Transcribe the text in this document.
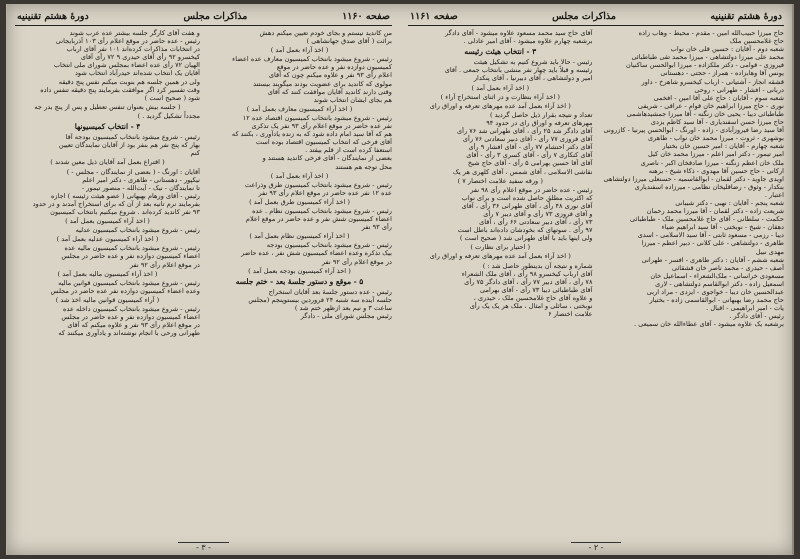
صفحه ۱۱۶۰
مذاکرات مجلس
دورهٔ هشتم تقنینیه
من کاندید نیستم و بجای خودم تعیین میکنم دهش
برائت ( آقای صدق جهانشاهی )
( اخذ آراء بعمل آمد )
رئیس - شروع میشود باننخاب کمیسیون معارف عده اعضاء
کمیسیون دوازده نفر و عده حاضر در موقع
اعلام رأی ۹۳ نفر و علاوه میکنم چون که آقای
مولوی که کاندید برای عضویت بودند میگویند بیستند
وقتی دارند کاندید آقایان موافقت کنند که آقای
هم بجای ایشان انتخاب شوند
( اخذ آراء کمیسیون معارف بعمل آمد )
رئیس - شروع میشود بانتخاب کمیسیون اقتصاد عده ۱۲
نفر عده حاضر در موقع اعلام رأی ۹۳ نفر یک تذکری
هم که آقا سید امام داده شود که به زنده یادآوری ، بکنند که
آقای فرخی که انتخاب کمیسیون اقتصاد بوده است
استعفا کرده است از قلم بیفتد .
بعضی از نمایندگان - آقای فرخی کاندید هستند و
محل توجه هم هستند
( اخذ آراء بعمل آمد )
رئیس - شروع میشود بانتخاب کمیسیون طرق وذراعت
عده ۱۲ نفر عده حاضر در موقع اعلام رأی ۹۳ نفر
( اخذ آراء کمیسیون طرق بعمل آمد )
رئیس - شروع میشود بانتخاب کمیسیون نظام . عده
اعضاء کمیسیون شش نفر و عده حاضر در موقع اعلام
رأی ۹۳ نفر
( اخذ آراء کمیسیون نظام بعمل آمد )
رئیس - شروع میشود باننخاب کمیسیون بودجه
بیک تذکره وعده اعضاء کمیسیون شش نفر ، عده حاضر
در موقع اعلام رأی ۹۲ نفر
( اخذ آراء کمیسیون بودجه بعمل آمد )
۵ - موقع و دستور جلسهٔ بعد - ختم جلسه
رئیس - عده دستور جلسهٔ بعد آقایان استخراج
جلسه آینده سه شنبه ۲۴ فروردین بیستوپنجم (مجلس
ساعت ۳ و نیم بعد ازظهر ختم شد )
رئیس مجلس شورای ملی - دادگر
و هفت آقای کارگر جلسه بیشتر عده عرب شوند
رئیس - عده حاضر در موقع اعلام رأی ۱۰۳ آذربایجانی
در انتخابات مذاکرات کرده‌اند ۱۰۱ نفر آقای ارباب
کیخسرو ۹۲ رأی آقای حیدری ۹ ۷۲ رأی آقای
الهیان ۷۲ رأی عده اعضاء بمجلس شورای ملی انتخاب
آقایان یک انتخاب شده‌اند حیدرآباد انتخاب شود
ولی در همین جلسه هم بنوبت میکنم نفس پنج دقیقه
وقت تفسیر کرد اگر موافقت بفرمایند پنج دقیقه تنفس داده
شود ( صحیح است )
( جلسه بیش بعنوان تنفس تعطیل و پس از پنچ بدر جه
مجدداً تشکیل گردید . )
۴ - انتخاب کمیسیونها
رئیس - شروع میشود باننخاب کمیسیون بودجه آقا
بهار که پنج نفر هم بنفر بود از آقایان نمایندگان تعیین
کنم
( اقتراع بعمل آمد آقایان ذیل معین شدند )
آقایان : اورنگ - ( بعضی از نمایندگان - مجلس - )
نیکپور - دهستانی - طاهری - دکتر امیر اعلم
تا نمایندگان - نیک - آیت‌الله - منصور تیمور -
رئیس - آقای ورهام بهبهانی ( عضو هیئت رئیسه ) اجازه
بفرمایند نرم تانیه بعد از آن که برای استخراج آمدند و در حدود
۹۳ نفر کاندید کرده‌اند . شروع میکنیم بانتخاب کمیسیون
( اخذ آراء کمیسیون بعمل آمد )
رئیس - شروع میشود باننخاب کمیسیون عدلیه
( اخذ آراء کمیسیون عدلیه بعمل آمد )
رئیس - شروع میشود باننخاب کمیسیون مالیه عده
اعضاء کمیسیون دوازده نفر و عده حاضر در مجلس
در موقع اعلام رأی ۹۲ نفر
( اخذ آراء کمیسیون مالیه بعمل آمد )
رئیس - شروع میشود بانتخاب کمیسیون قوانین مالیه
وعده اعضاء کمیسیون دوازده نفر عده حاضر در مجلس
( آراء کمیسیون قوانین مالیه اخذ شد )
رئیس - شروع میشود بانتخاب کمیسیون داخله عده
اعضاء کمیسیون دوازده نفر و عده حاضر در مجلس
در موقع اعلام رأی ۹۳ نفر و علاوه میکنم که آقای
طهرانی ورحی با انجام نوشته‌اند و یادآوری میکنند که
- ۳ -
دورهٔ هشتم تقنینیه
مذاکرات مجلس
صفحه ۱۱۶۱
حاج میرزا حبیب‌الله امین - مقدم - محیط - وهاب زاده
حاج غلامحسین ملک
شعبه دوم - آقایان : حسین قلی خان نواب
محمد علی میرزا دولتشاهی - میرزا محمد تقی طباطبائی
فیروزی - قوامی - دکتر ملکزاده - میرزا ابوالحسن ساکنیان
یونس آقا وهابزاده - همراز - حجتی - دهستانی
قشقه انجاز - آشتیانی - ارباب کیخسرو شاهرخ - داور
دربانی - افشار - طهرانی - روحی
شعبه سوم - آقایان : حاج علی آقا امین - افخمی
نوری - حاج میرزا ابراهیم خان قوام - عراقی - شریفی
طباطبائی دیبا - یحیی خان زنگنه - آقا میرزا جمشیدهاشمی
حاج میرزا حسن اسفندیاری - آقا سید کاظم یزدی
آقا سید رضا فیروزآبادی - زاده - اورنگ - ابوالحسن پیرنیا - کازرونی
بوشهری - ثروت - میرزا محمد خان نواب - طاهری
شعبه چهارم - آقایان : امیر حسین خان بختیار
امیر تیمور - دکتر امیر اعلم - میرزا محمد خان کیل
ملک‌ خان اعظم زنگنه - میرزا صادقخان اکبر - ناصری
ارکانی - حاج حسین آقا مهدوی - ذکاء شیخ - برهنه
اویدی جاوید - دکتر لقمان - ابوالقاسمیه - حسنعلی میرزا دولتشاهی
بنکدار - وثوق - رضاقلیخان‌‌ نظامی - میرزاده اسفندیاری
اعتبار .
شعبه پنجم - آقایان : نهبی - دکتر شیبانی
شریعت زاده - دکتر لقمان - آقا میرزا محمد رحمان
حکمت - سلطانی - آقای حاج غلامحسین ملک - طباطبائی
دهقان - شیخ - نوبختی - آقا سید ابراهیم ضیاء
دیبا - رزمی - مسعود ثابتی - آقا سید الاسلامی - اسدی
طاهری - دولتشاهی - علی کلانی - دبیر اعظم - میرزا
مهدی نبیل
شعبه ششم - آقایان : دکتر طاهری - افسر - طهرانی
آصف - حیدری - محمد ناصر خان قشقائی
مسعودی خراسانی - ملک‌الشعراء - اسماعیل خان
اسمعیل زاده - دکتر ابوالقاسم دولتشاهی - لاری
عبدالحسین خان دیبا - خواجوی - ایزدی - مراد اربی
حاج محمد رضا بهبهانی - ابوالقاسمی زاده - بختیار
یات - امیر ابراهیمی - اقبال .
رئیس - آقای دادگر .
برشعبه یک علاوه میشود - آقای عطاءالله خان سمیعی .
آقای حاج سید محمد مسعود علاوه میشود - آقای دادگر
برشعبه چهارم علاوه میشود - آقای امیر عادلی .
۳ - انتخاب هیئت رئیسه
رئیس - حالا باید شروع کنیم به تشکیل هیئت
رئیسه و قبلاً باید چهار نفر منشی بانتخاب جمعی . آقای
امیر و دولتشاهی ، آقای دبیرنیا ، آقای پنکدار
( اخذ آراء بعمل آمد )
( اخذ آراء بنظارت و در اثنای استخراج آراء )
( اخذ آراء بعمل آمد عده مهرهای تعرفه و اوراق رای
تعداد و نتیجه بقرار ذیل حاصل گردید )
مهرهای تعرفه و اوراق رای در حدود ۹۴
آقای دادگر شد ۲۵ رأی ، آقای طهرانی شد ۷۶ رأی
آقای فروزی ۷۷ رأی - آقای دبیر سعادتی ۷۶ رأی
آقای دکتر احتشام ۷۷ رأی - آقای افشار ۹ رأی
آقای کنکاری ۷ رأی - آقای کسری ۳ رأی - آقای
آقای آقا حسین بهرامی ۵ رأی - آقای حاج شیخ
نقاشی الاسلامی ، آقای شمس ، آقای کلهری هر یک
( ورقه سفید علامت اختصار ۷ )
رئیس - عده حاضر در موقع اعلام رأی ۹۸ نفر
که اکثریت مطلق حاصل شده است و برای نواب
آقای نوری ۴۸ رأی ، آقای طهرانی ۳۶ رأی ، آقای
و آقای فروزی ۷۳ رأی و آقای دیبر ۷ رأی
۷۳ رأی ، آقای دبیر سعادتی ۶۶ رأی ، آقای
۹۷ رأی . سوتهای که بخودشان داده‌اند باطل است
ولی اینها باید با آقای طهرانی شد ( صحیح است )
( احتیار برای نظارت )
( اخذ آراء بعمل آمد عده مهرهای تعرفه و اوراق رای
شماره و نتیجه آن بدینطور حاصل شد : )
آقای ارباب کیخسرو ۹۸ رأی ، آقای ملک الشعراء
۷۸ رأی ، آقای دبیر ۷۷ رأی ، آقای دادگر ۷۵ رأی
آقای طباطبائی دیبا ۷۳ رأی - آقای بهرامی
و علاوه آقای حاج غلامحسین ملک ، حیدری ،
نوبختی ، سائلی و امثال ، ملک هر یک یک رأی
علامت اختصار ۶
- ۲ -
